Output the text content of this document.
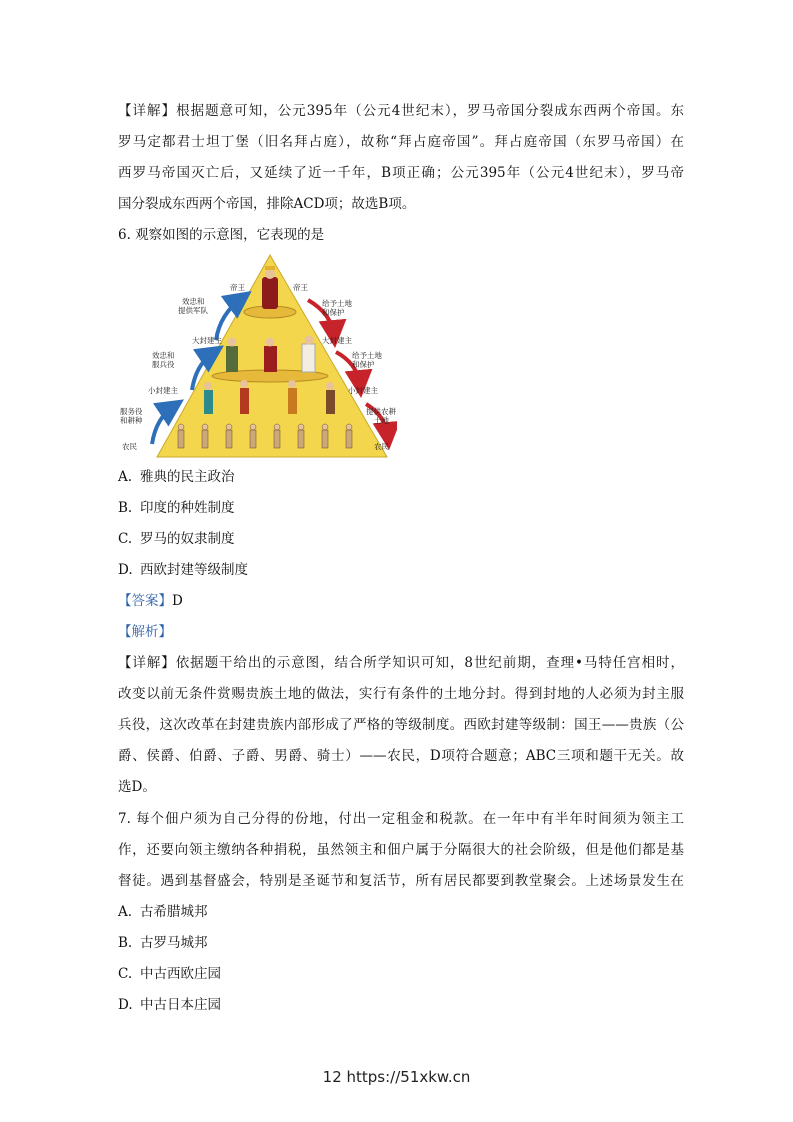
【详解】根据题意可知，公元395年（公元4世纪末），罗马帝国分裂成东西两个帝国。东
罗马定都君士坦丁堡（旧名拜占庭），故称“拜占庭帝国”。拜占庭帝国（东罗马帝国）在
西罗马帝国灭亡后，又延续了近一千年，B项正确；公元395年（公元4世纪末），罗马帝
国分裂成东西两个帝国，排除ACD项；故选B项。
6. 观察如图的示意图，它表现的是
帝王	帝王
效忠和
提供军队
大封建主	大封建主
效忠和
服兵役
小封建主	小封建主
服务役
和耕种
农民	农民
给予土地
和保护
给予土地
和保护
提供农耕
土地
A. 雅典的民主政治
B. 印度的种姓制度
C. 罗马的奴隶制度
D. 西欧封建等级制度
【答案】D
【解析】
【详解】依据题干给出的示意图，结合所学知识可知，8世纪前期，查理•马特任宫相时，
改变以前无条件赏赐贵族土地的做法，实行有条件的土地分封。得到封地的人必须为封主服
兵役，这次改革在封建贵族内部形成了严格的等级制度。西欧封建等级制：国王——贵族（公
爵、侯爵、伯爵、子爵、男爵、骑士）——农民，D项符合题意；ABC三项和题干无关。故
选D。
7. 每个佃户须为自己分得的份地，付出一定租金和税款。在一年中有半年时间须为领主工
作，还要向领主缴纳各种捐税，虽然领主和佃户属于分隔很大的社会阶级，但是他们都是基
督徒。遇到基督盛会，特别是圣诞节和复活节，所有居民都要到教堂聚会。上述场景发生在
A. 古希腊城邦
B. 古罗马城邦
C. 中古西欧庄园
D. 中古日本庄园
12 https://51xkw.cn
